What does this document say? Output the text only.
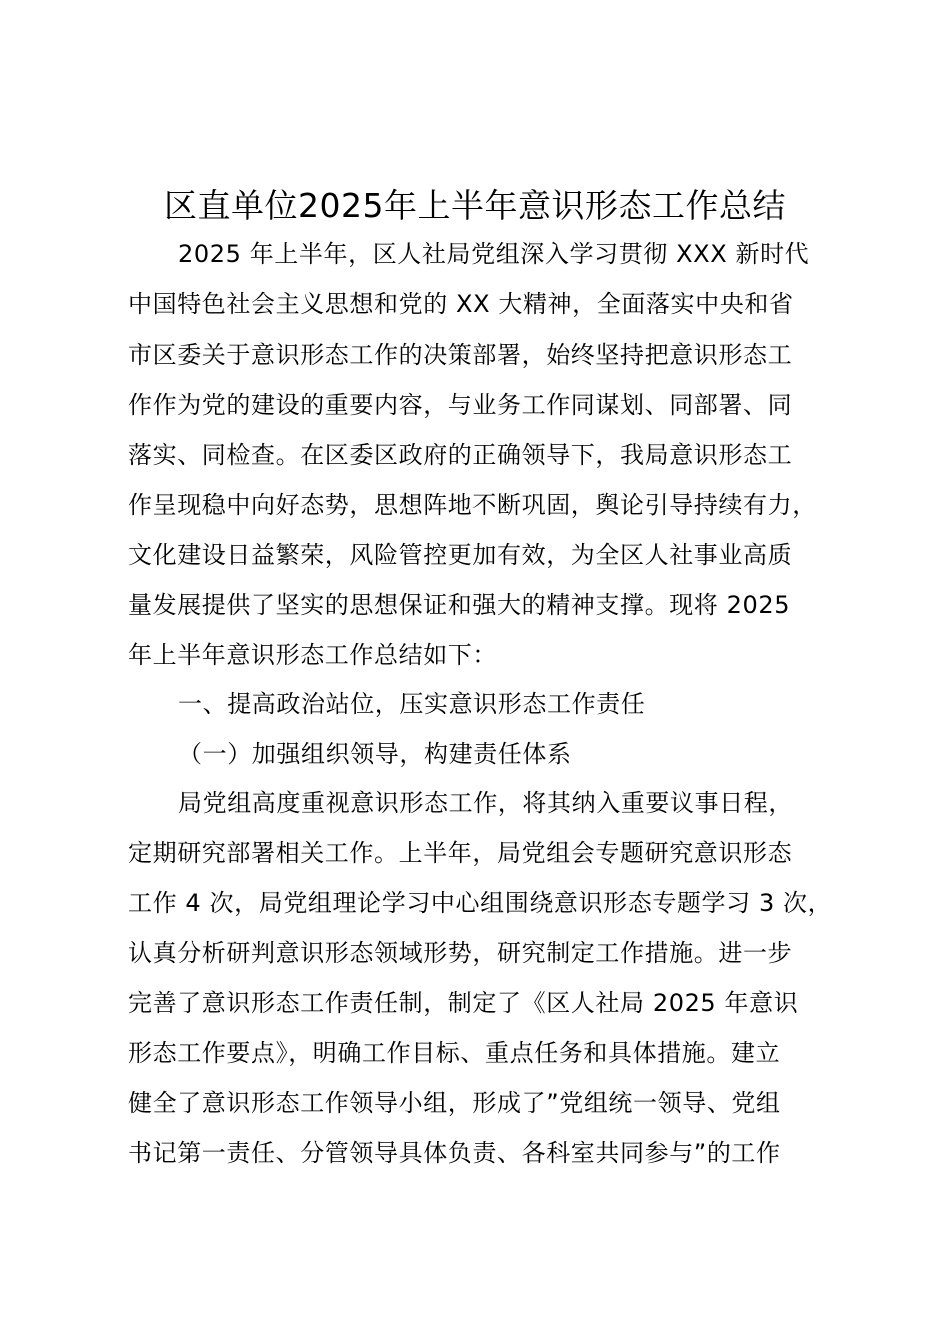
区直单位2025年上半年意识形态工作总结
2025 年上半年，区人社局党组深入学习贯彻 XXX 新时代
中国特色社会主义思想和党的 XX 大精神，全面落实中央和省
市区委关于意识形态工作的决策部署，始终坚持把意识形态工
作作为党的建设的重要内容，与业务工作同谋划、同部署、同
落实、同检查。在区委区政府的正确领导下，我局意识形态工
作呈现稳中向好态势，思想阵地不断巩固，舆论引导持续有力，
文化建设日益繁荣，风险管控更加有效，为全区人社事业高质
量发展提供了坚实的思想保证和强大的精神支撑。现将 2025
年上半年意识形态工作总结如下：
一、提高政治站位，压实意识形态工作责任
（一）加强组织领导，构建责任体系
局党组高度重视意识形态工作，将其纳入重要议事日程，
定期研究部署相关工作。上半年，局党组会专题研究意识形态
工作 4 次，局党组理论学习中心组围绕意识形态专题学习 3 次，
认真分析研判意识形态领域形势，研究制定工作措施。进一步
完善了意识形态工作责任制，制定了《区人社局 2025 年意识
形态工作要点》，明确工作目标、重点任务和具体措施。建立
健全了意识形态工作领导小组，形成了”党组统一领导、党组
书记第一责任、分管领导具体负责、各科室共同参与”的工作
